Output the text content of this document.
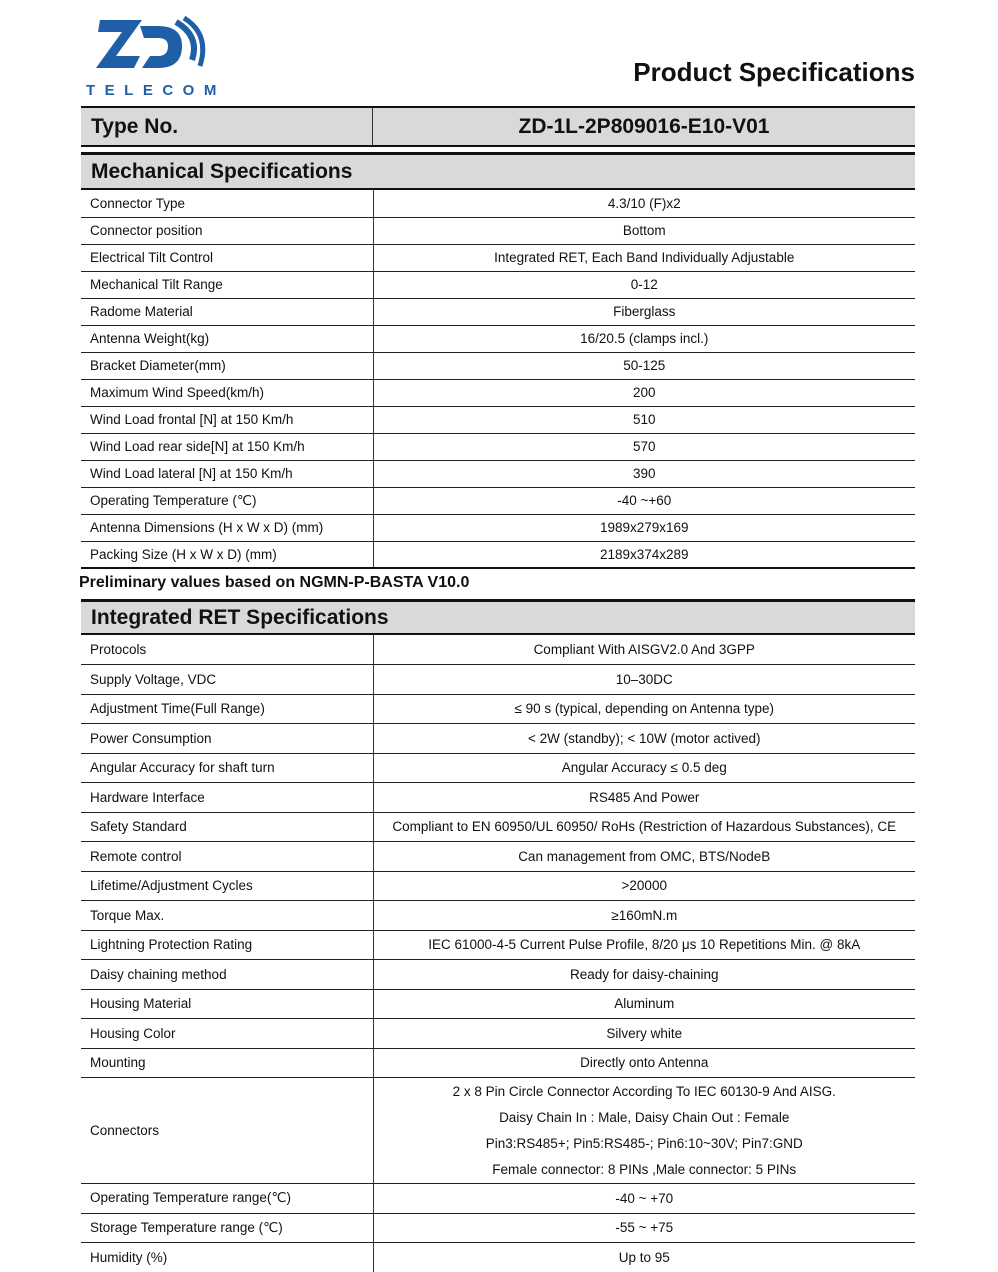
TELECOM
Product Specifications
Type No.	ZD-1L-2P809016-E10-V01
Mechanical Specifications
Connector Type	4.3/10 (F)x2
Connector position	Bottom
Electrical Tilt Control	Integrated RET, Each Band Individually Adjustable
Mechanical Tilt Range	0-12
Radome Material	Fiberglass
Antenna Weight(kg)	16/20.5 (clamps incl.)
Bracket Diameter(mm)	50-125
Maximum Wind Speed(km/h)	200
Wind Load frontal [N] at 150 Km/h	510
Wind Load rear side[N] at 150 Km/h	570
Wind Load lateral [N] at 150 Km/h	390
Operating Temperature (℃)	-40 ~+60
Antenna Dimensions (H x W x D) (mm)	1989x279x169
Packing Size (H x W x D) (mm)	2189x374x289
Preliminary values based on NGMN-P-BASTA V10.0
Integrated RET Specifications
Protocols	Compliant With AISGV2.0 And 3GPP
Supply Voltage, VDC	10–30DC
Adjustment Time(Full Range)	≤ 90 s (typical, depending on Antenna type)
Power Consumption	< 2W (standby); < 10W (motor actived)
Angular Accuracy for shaft turn	Angular Accuracy ≤ 0.5 deg
Hardware Interface	RS485 And Power
Safety Standard	Compliant to EN 60950/UL 60950/ RoHs (Restriction of Hazardous Substances), CE
Remote control	Can management from OMC, BTS/NodeB
Lifetime/Adjustment Cycles	>20000
Torque Max.	≥160mN.m
Lightning Protection Rating	IEC 61000-4-5 Current Pulse Profile, 8/20 μs 10 Repetitions Min. @ 8kA
Daisy chaining method	Ready for daisy-chaining
Housing Material	Aluminum
Housing Color	Silvery white
Mounting	Directly onto Antenna
Connectors	2 x 8 Pin Circle Connector According To IEC 60130-9 And AISG.
Daisy Chain In : Male, Daisy Chain Out : Female
Pin3:RS485+; Pin5:RS485-; Pin6:10~30V; Pin7:GND
Female connector: 8 PINs ,Male connector: 5 PINs

Operating Temperature range(℃)	-40 ~ +70
Storage Temperature range (℃)	-55 ~ +75
Humidity (%)	Up to 95
